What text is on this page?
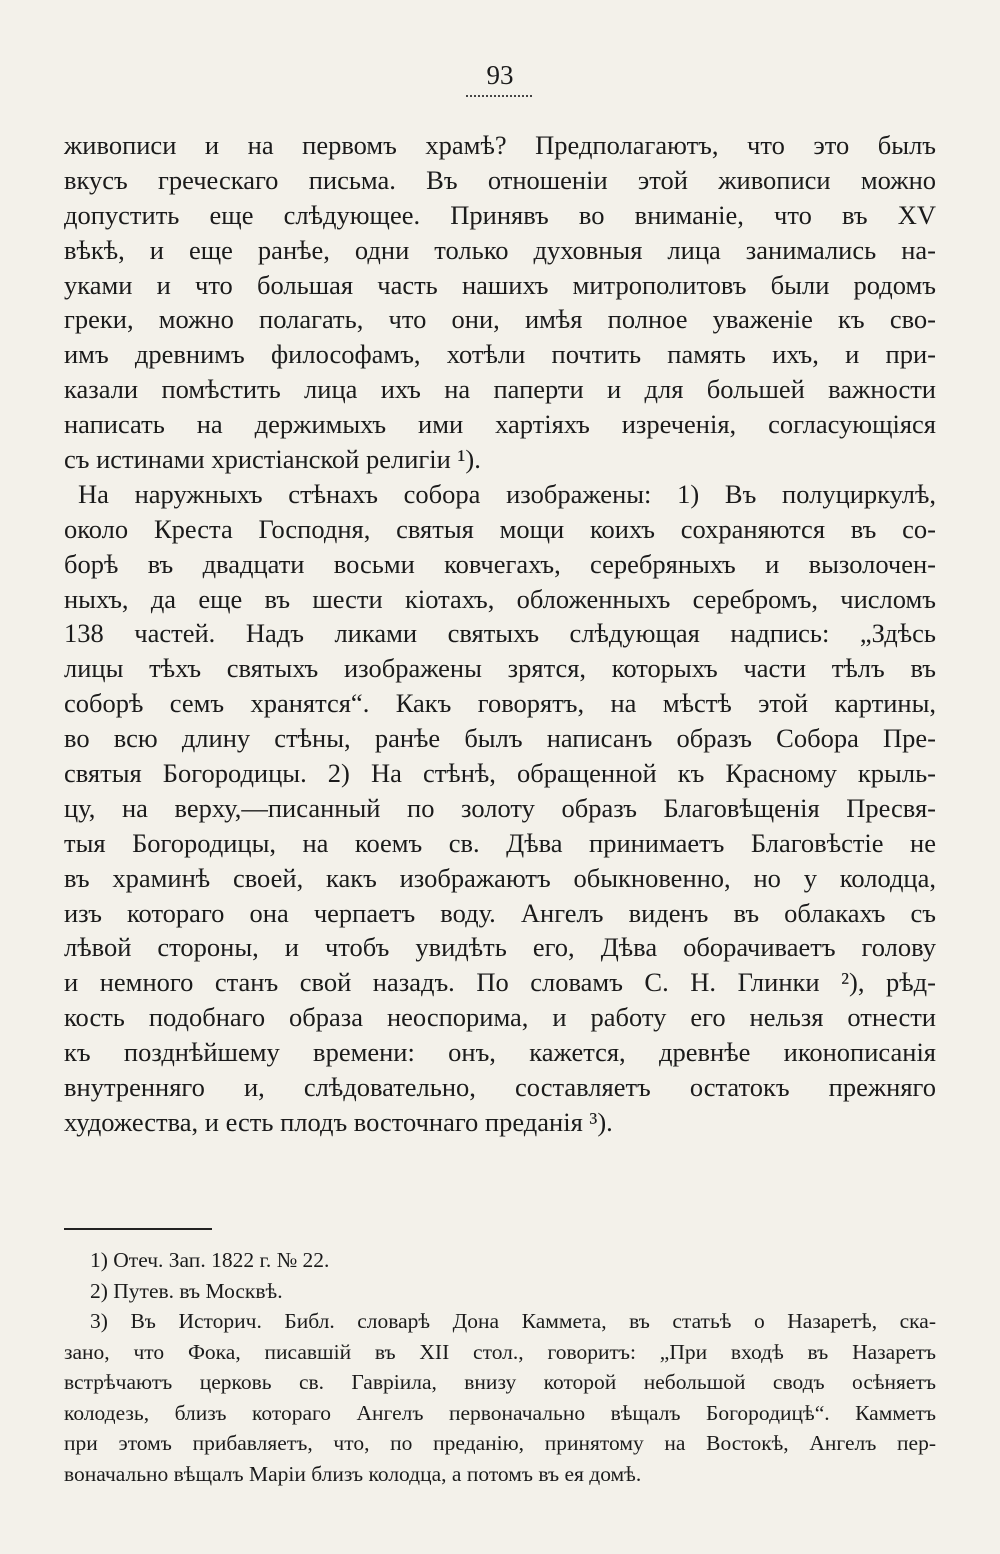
93
живописи и на первомъ храмѣ? Предполагаютъ, что это былъ
вкусъ греческаго письма. Въ отношеніи этой живописи можно
допустить еще слѣдующее. Принявъ во вниманіе, что въ XV
вѣкѣ, и еще ранѣе, одни только духовныя лица занимались на-
уками и что большая часть нашихъ митрополитовъ были родомъ
греки, можно полагать, что они, имѣя полное уваженіе къ сво-
имъ древнимъ философамъ, хотѣли почтить память ихъ, и при-
казали помѣстить лица ихъ на паперти и для большей важности
написать на держимыхъ ими хартіяхъ изреченія, согласующіяся
съ истинами христіанской религіи ¹).
На наружныхъ стѣнахъ собора изображены: 1) Въ полуциркулѣ,
около Креста Господня, святыя мощи коихъ сохраняются въ со-
борѣ въ двадцати восьми ковчегахъ, серебряныхъ и вызолочен-
ныхъ, да еще въ шести кіотахъ, обложенныхъ серебромъ, числомъ
138 частей. Надъ ликами святыхъ слѣдующая надпись: „Здѣсь
лицы тѣхъ святыхъ изображены зрятся, которыхъ части тѣлъ въ
соборѣ семъ хранятся“. Какъ говорятъ, на мѣстѣ этой картины,
во всю длину стѣны, ранѣе былъ написанъ образъ Собора Пре-
святыя Богородицы. 2) На стѣнѣ, обращенной къ Красному крыль-
цу, на верху,—писанный по золоту образъ Благовѣщенія Пресвя-
тыя Богородицы, на коемъ св. Дѣва принимаетъ Благовѣстіе не
въ храминѣ своей, какъ изображаютъ обыкновенно, но у колодца,
изъ котораго она черпаетъ воду. Ангелъ виденъ въ облакахъ съ
лѣвой стороны, и чтобъ увидѣть его, Дѣва оборачиваетъ голову
и немного станъ свой назадъ. По словамъ С. Н. Глинки ²), рѣд-
кость подобнаго образа неоспорима, и работу его нельзя отнести
къ позднѣйшему времени: онъ, кажется, древнѣе иконописанія
внутренняго и, слѣдовательно, составляетъ остатокъ прежняго
художества, и есть плодъ восточнаго преданія ³).
1) Отеч. Зап. 1822 г. № 22.
2) Путев. въ Москвѣ.
3) Въ Историч. Библ. словарѣ Дона Каммета, въ статьѣ о Назаретѣ, ска-
зано, что Фока, писавшій въ XII стол., говоритъ: „При входѣ въ Назаретъ
встрѣчаютъ церковь св. Гавріила, внизу которой небольшой сводъ осѣняетъ
колодезь, близъ котораго Ангелъ первоначально вѣщалъ Богородицѣ“. Камметъ
при этомъ прибавляетъ, что, по преданію, принятому на Востокѣ, Ангелъ пер-
воначально вѣщалъ Маріи близъ колодца, а потомъ въ ея домѣ.
